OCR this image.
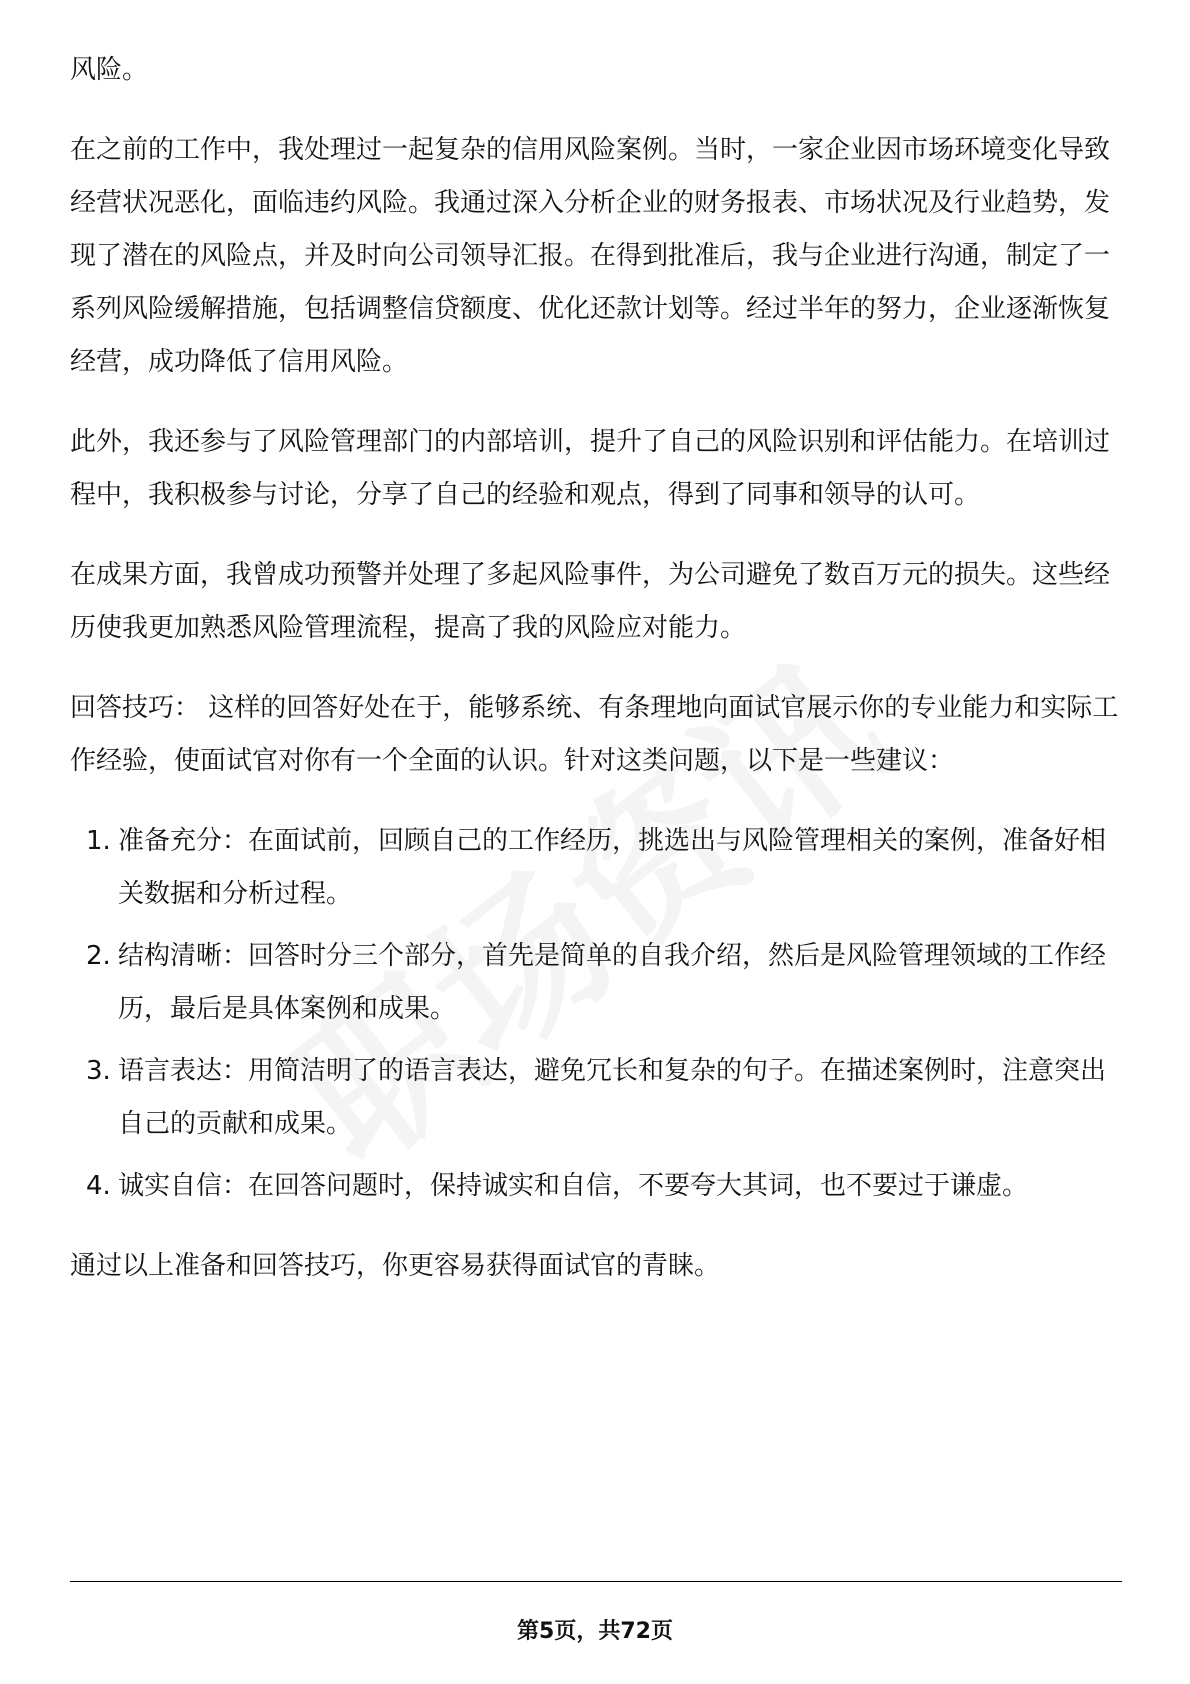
风险。

在之前的工作中，我处理过一起复杂的信用风险案例。当时，一家企业因市场环境变化导致经营状况恶化，面临违约风险。我通过深入分析企业的财务报表、市场状况及行业趋势，发现了潜在的风险点，并及时向公司领导汇报。在得到批准后，我与企业进行沟通，制定了一系列风险缓解措施，包括调整信贷额度、优化还款计划等。经过半年的努力，企业逐渐恢复经营，成功降低了信用风险。

此外，我还参与了风险管理部门的内部培训，提升了自己的风险识别和评估能力。在培训过程中，我积极参与讨论，分享了自己的经验和观点，得到了同事和领导的认可。

在成果方面，我曾成功预警并处理了多起风险事件，为公司避免了数百万元的损失。这些经历使我更加熟悉风险管理流程，提高了我的风险应对能力。

回答技巧： 这样的回答好处在于，能够系统、有条理地向面试官展示你的专业能力和实际工作经验，使面试官对你有一个全面的认识。针对这类问题，以下是一些建议：

1. 准备充分：在面试前，回顾自己的工作经历，挑选出与风险管理相关的案例，准备好相关数据和分析过程。
2. 结构清晰：回答时分三个部分，首先是简单的自我介绍，然后是风险管理领域的工作经历，最后是具体案例和成果。
3. 语言表达：用简洁明了的语言表达，避免冗长和复杂的句子。在描述案例时，注意突出自己的贡献和成果。
4. 诚实自信：在回答问题时，保持诚实和自信，不要夸大其词，也不要过于谦虚。

通过以上准备和回答技巧，你更容易获得面试官的青睐。

第5页，共72页
